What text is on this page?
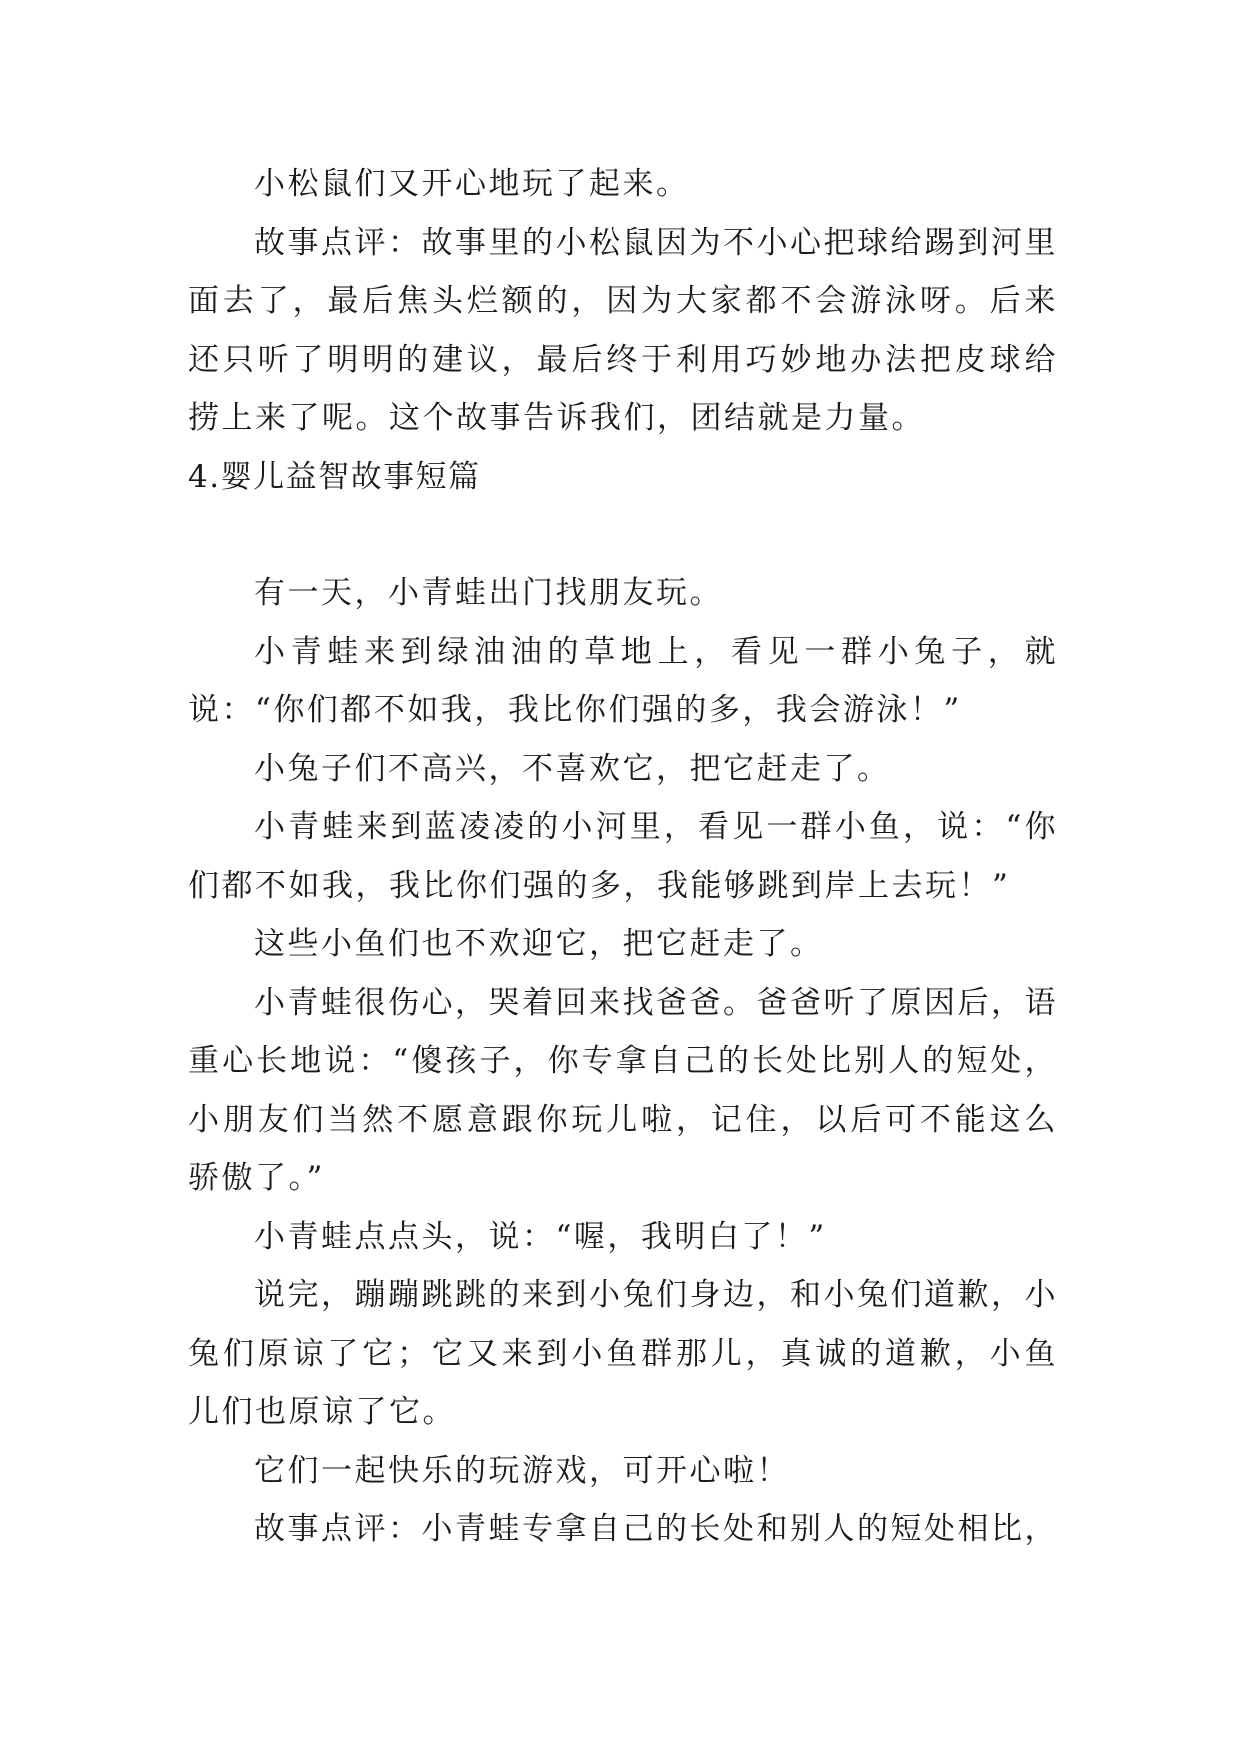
小松鼠们又开心地玩了起来。

故事点评：故事里的小松鼠因为不小心把球给踢到河里面去了，最后焦头烂额的，因为大家都不会游泳呀。后来还只听了明明的建议，最后终于利用巧妙地办法把皮球给捞上来了呢。这个故事告诉我们，团结就是力量。

4.婴儿益智故事短篇

有一天，小青蛙出门找朋友玩。

小青蛙来到绿油油的草地上，看见一群小兔子，就说：“你们都不如我，我比你们强的多，我会游泳！”

小兔子们不高兴，不喜欢它，把它赶走了。

小青蛙来到蓝凌凌的小河里，看见一群小鱼，说：“你们都不如我，我比你们强的多，我能够跳到岸上去玩！”

这些小鱼们也不欢迎它，把它赶走了。

小青蛙很伤心，哭着回来找爸爸。爸爸听了原因后，语重心长地说：“傻孩子，你专拿自己的长处比别人的短处，小朋友们当然不愿意跟你玩儿啦，记住，以后可不能这么骄傲了。”

小青蛙点点头，说：“喔，我明白了！”

说完，蹦蹦跳跳的来到小兔们身边，和小兔们道歉，小兔们原谅了它；它又来到小鱼群那儿，真诚的道歉，小鱼儿们也原谅了它。

它们一起快乐的玩游戏，可开心啦！

故事点评：小青蛙专拿自己的长处和别人的短处相比，
